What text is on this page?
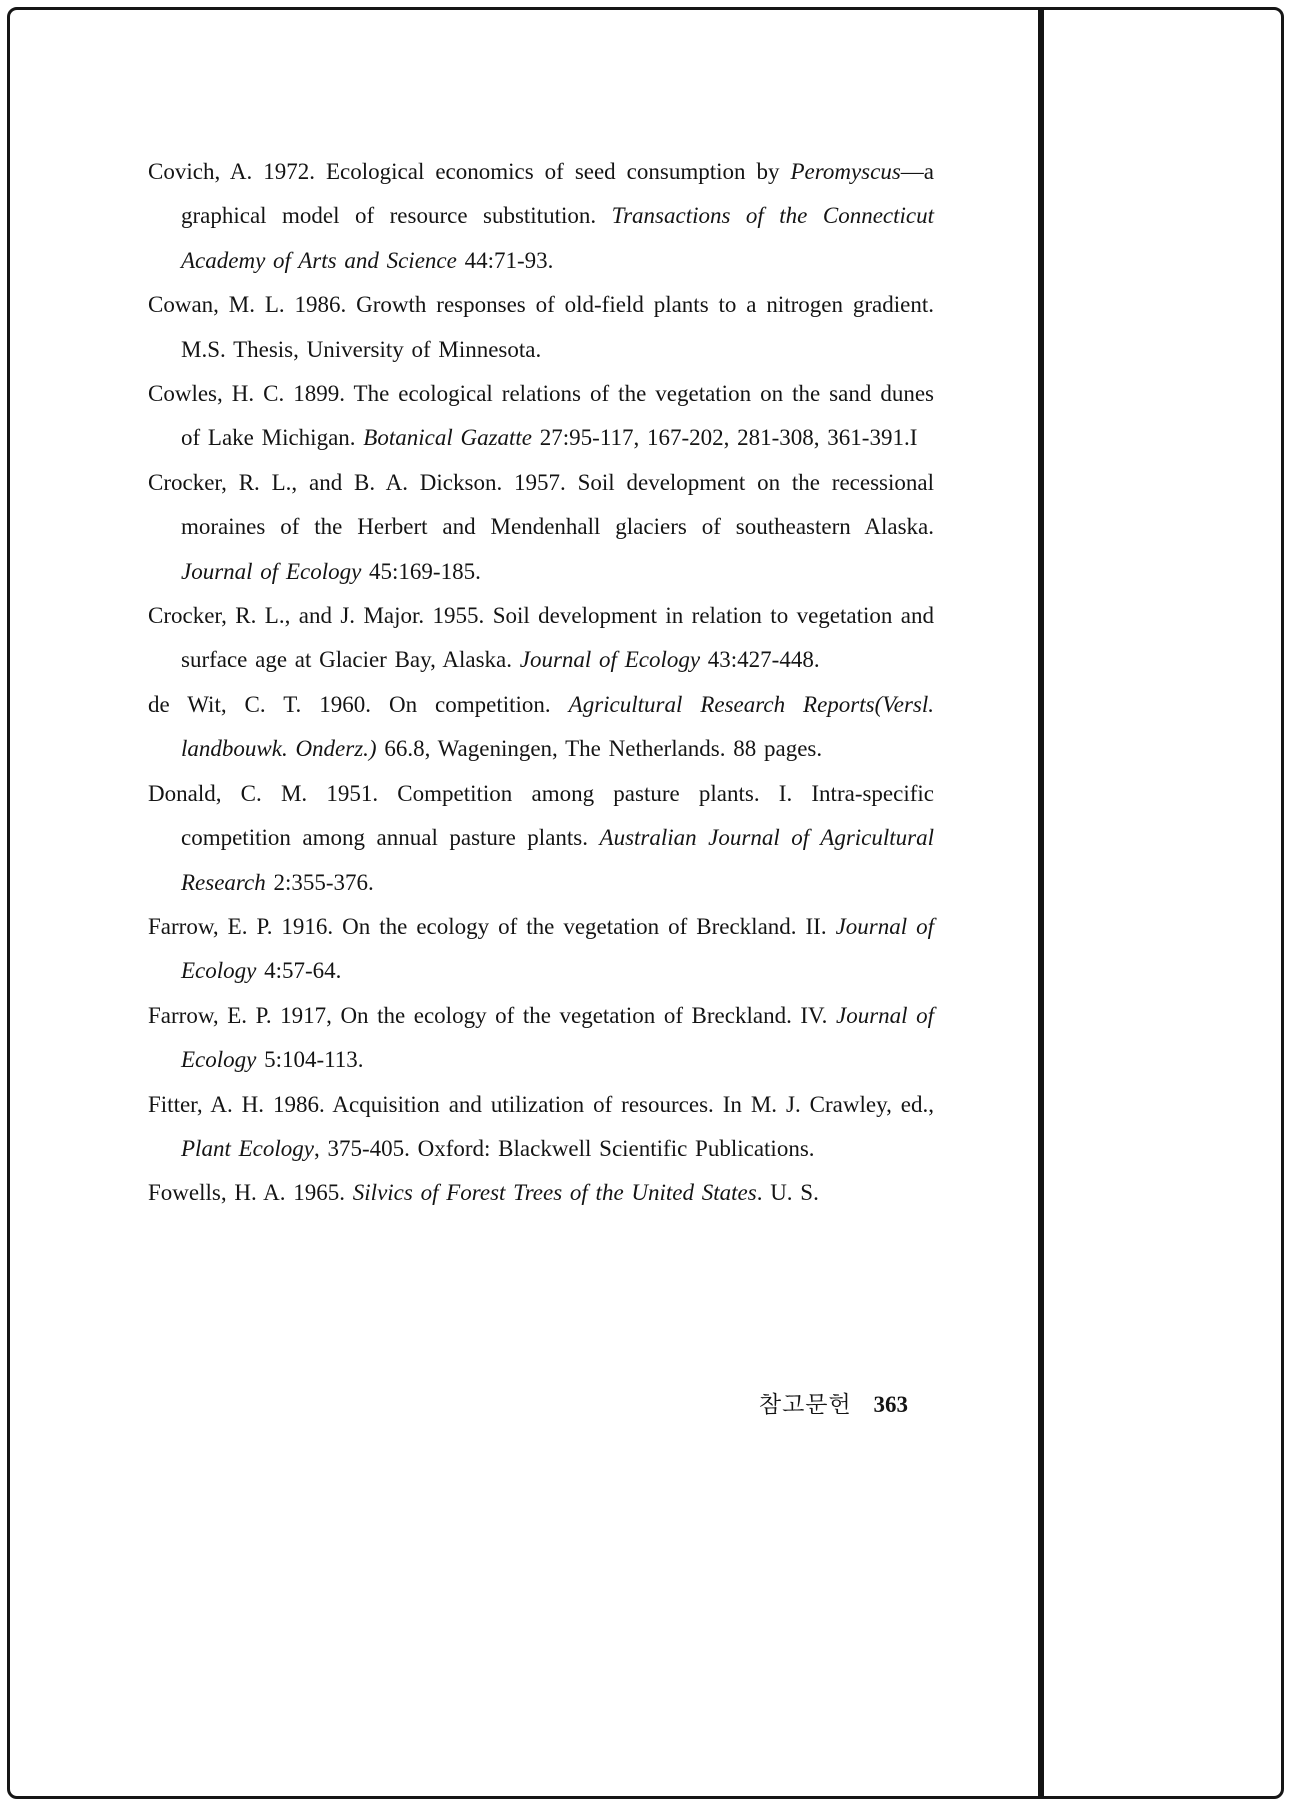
Covich, A. 1972. Ecological economics of seed consumption by Peromyscus—a graphical model of resource substitution. Transactions of the Connecticut Academy of Arts and Science 44:71-93.

Cowan, M. L. 1986. Growth responses of old-field plants to a nitrogen gradient. M.S. Thesis, University of Minnesota.

Cowles, H. C. 1899. The ecological relations of the vegetation on the sand dunes of Lake Michigan. Botanical Gazatte 27:95-117, 167-202, 281-308, 361-391.I

Crocker, R. L., and B. A. Dickson. 1957. Soil development on the recessional moraines of the Herbert and Mendenhall glaciers of southeastern Alaska. Journal of Ecology 45:169-185.

Crocker, R. L., and J. Major. 1955. Soil development in relation to vegetation and surface age at Glacier Bay, Alaska. Journal of Ecology 43:427-448.

de Wit, C. T. 1960. On competition. Agricultural Research Reports(Versl. landbouwk. Onderz.) 66.8, Wageningen, The Netherlands. 88 pages.

Donald, C. M. 1951. Competition among pasture plants. I. Intra-specific competition among annual pasture plants. Australian Journal of Agricultural Research 2:355-376.

Farrow, E. P. 1916. On the ecology of the vegetation of Breckland. II. Journal of Ecology 4:57-64.

Farrow, E. P. 1917, On the ecology of the vegetation of Breckland. IV. Journal of Ecology 5:104-113.

Fitter, A. H. 1986. Acquisition and utilization of resources. In M. J. Crawley, ed., Plant Ecology, 375-405. Oxford: Blackwell Scientific Publications.

Fowells, H. A. 1965. Silvics of Forest Trees of the United States. U. S.

참고문헌 363
